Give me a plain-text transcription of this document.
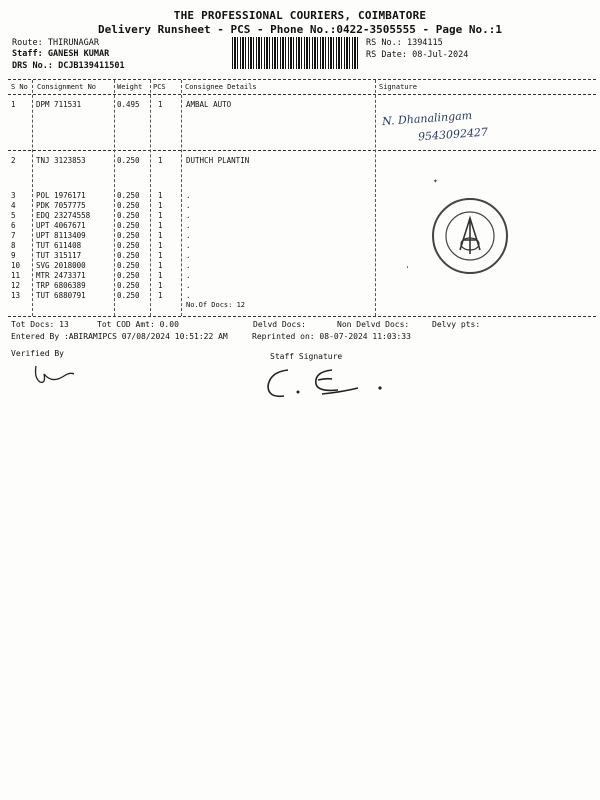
THE PROFESSIONAL COURIERS, COIMBATORE
Delivery Runsheet - PCS - Phone No.:0422-3505555 - Page No.:1
Route: THIRUNAGAR
Staff: GANESH KUMAR
DRS No.: DCJB139411501
RS No.: 1394115
RS Date: 08-Jul-2024
S No Consignment No	Weight PCS	Consignee Details	Signature
1	DPM 711531	0.495 1	AMBAL AUTO
2	TNJ 3123853	0.250 1	DUTHCH PLANTIN
3	POL 1976171	0.250 1	.
4	PDK 7057775	0.250 1	.
5	EDQ 23274558	0.250 1	.
6	UPT 4067671	0.250 1	.
7	UPT 8113409	0.250 1	.
8	TUT 611408	0.250 1	.
9	TUT 315117	0.250 1	.
10 SVG 2018000	0.250 1	.
11 MTR 2473371	0.250 1	.
12 TRP 6806389	0.250 1	.
13 TUT 6880791	0.250 1	.
No.Of Docs: 12
N. Dhanalingam
9543092427
✦
'
Tot Docs: 13	Tot COD Amt: 0.00	Delvd Docs:	Non Delvd Docs:	Delvy pts:
Entered By :ABIRAMIPCS 07/08/2024 10:51:22 AM	Reprinted on: 08-07-2024 11:03:33
Verified By	Staff Signature
